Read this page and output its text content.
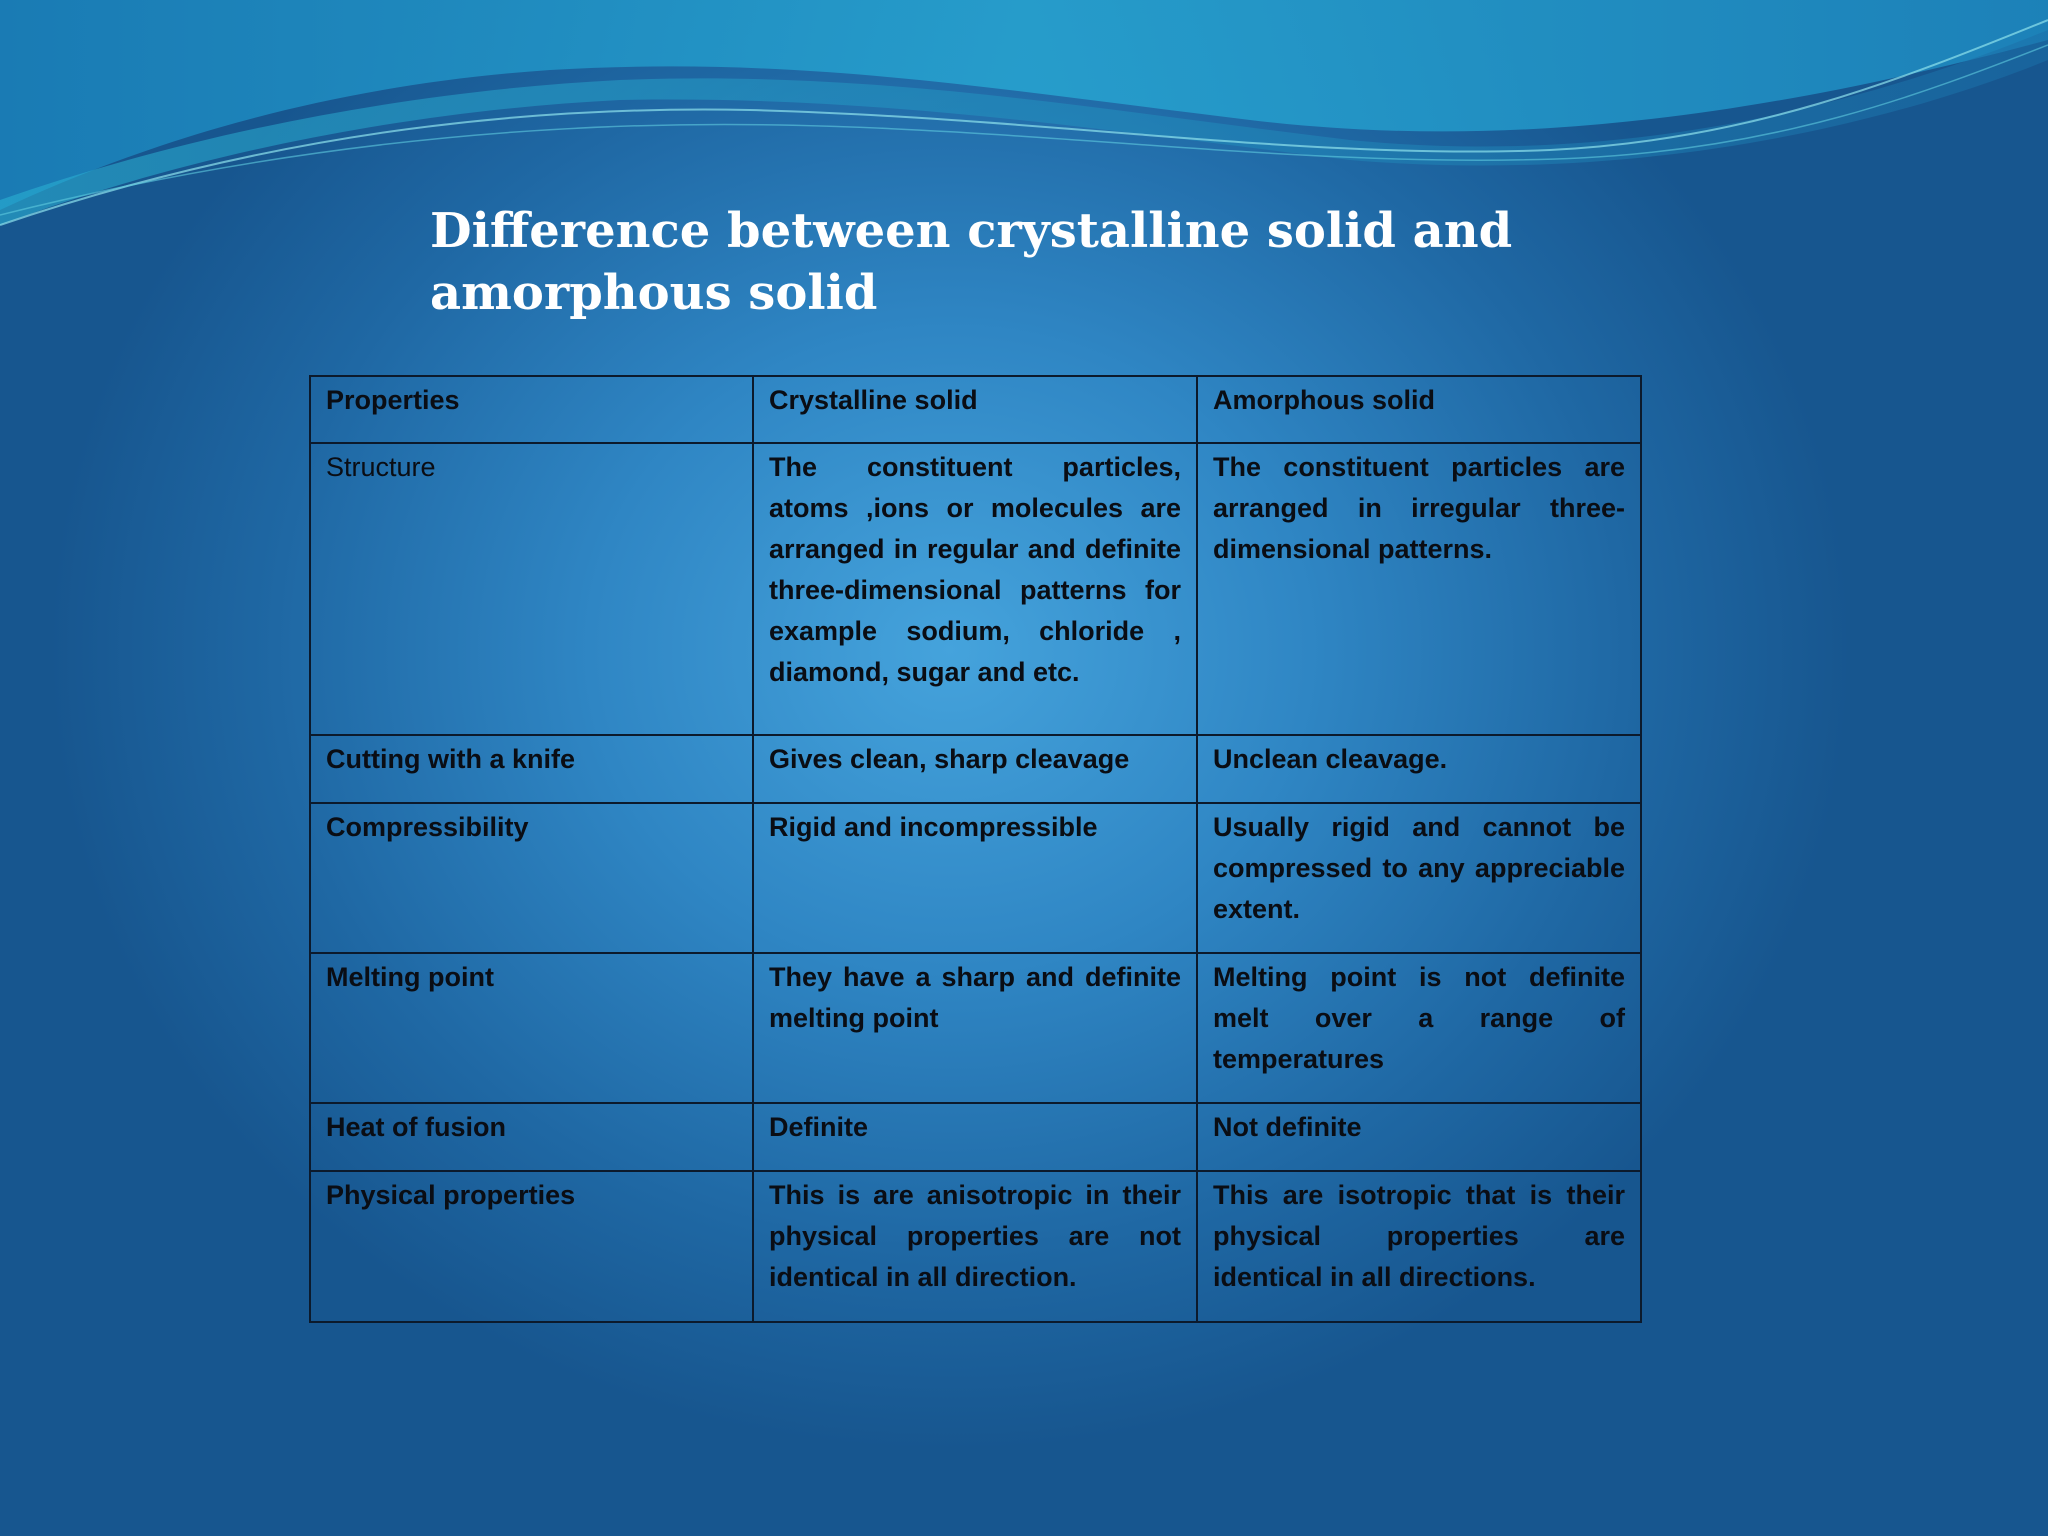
Difference between crystalline solid and
amorphous solid
Properties	Crystalline solid	Amorphous solid
Structure	The constituent particles, atoms ,ions or molecules are arranged in regular and definite three-dimensional patterns for example sodium, chloride , diamond, sugar and etc.	The constituent particles are arranged in irregular three-dimensional patterns.
Cutting with a knife	Gives clean, sharp cleavage	Unclean cleavage.
Compressibility	Rigid and incompressible	Usually rigid and cannot be compressed to any appreciable extent.
Melting point	They have a sharp and definite melting point	Melting point is not definite melt over a range of temperatures
Heat of fusion	Definite	Not definite
Physical properties	This is are anisotropic in their physical properties are not identical in all direction.	This are isotropic that is their physical properties are identical in all directions.
